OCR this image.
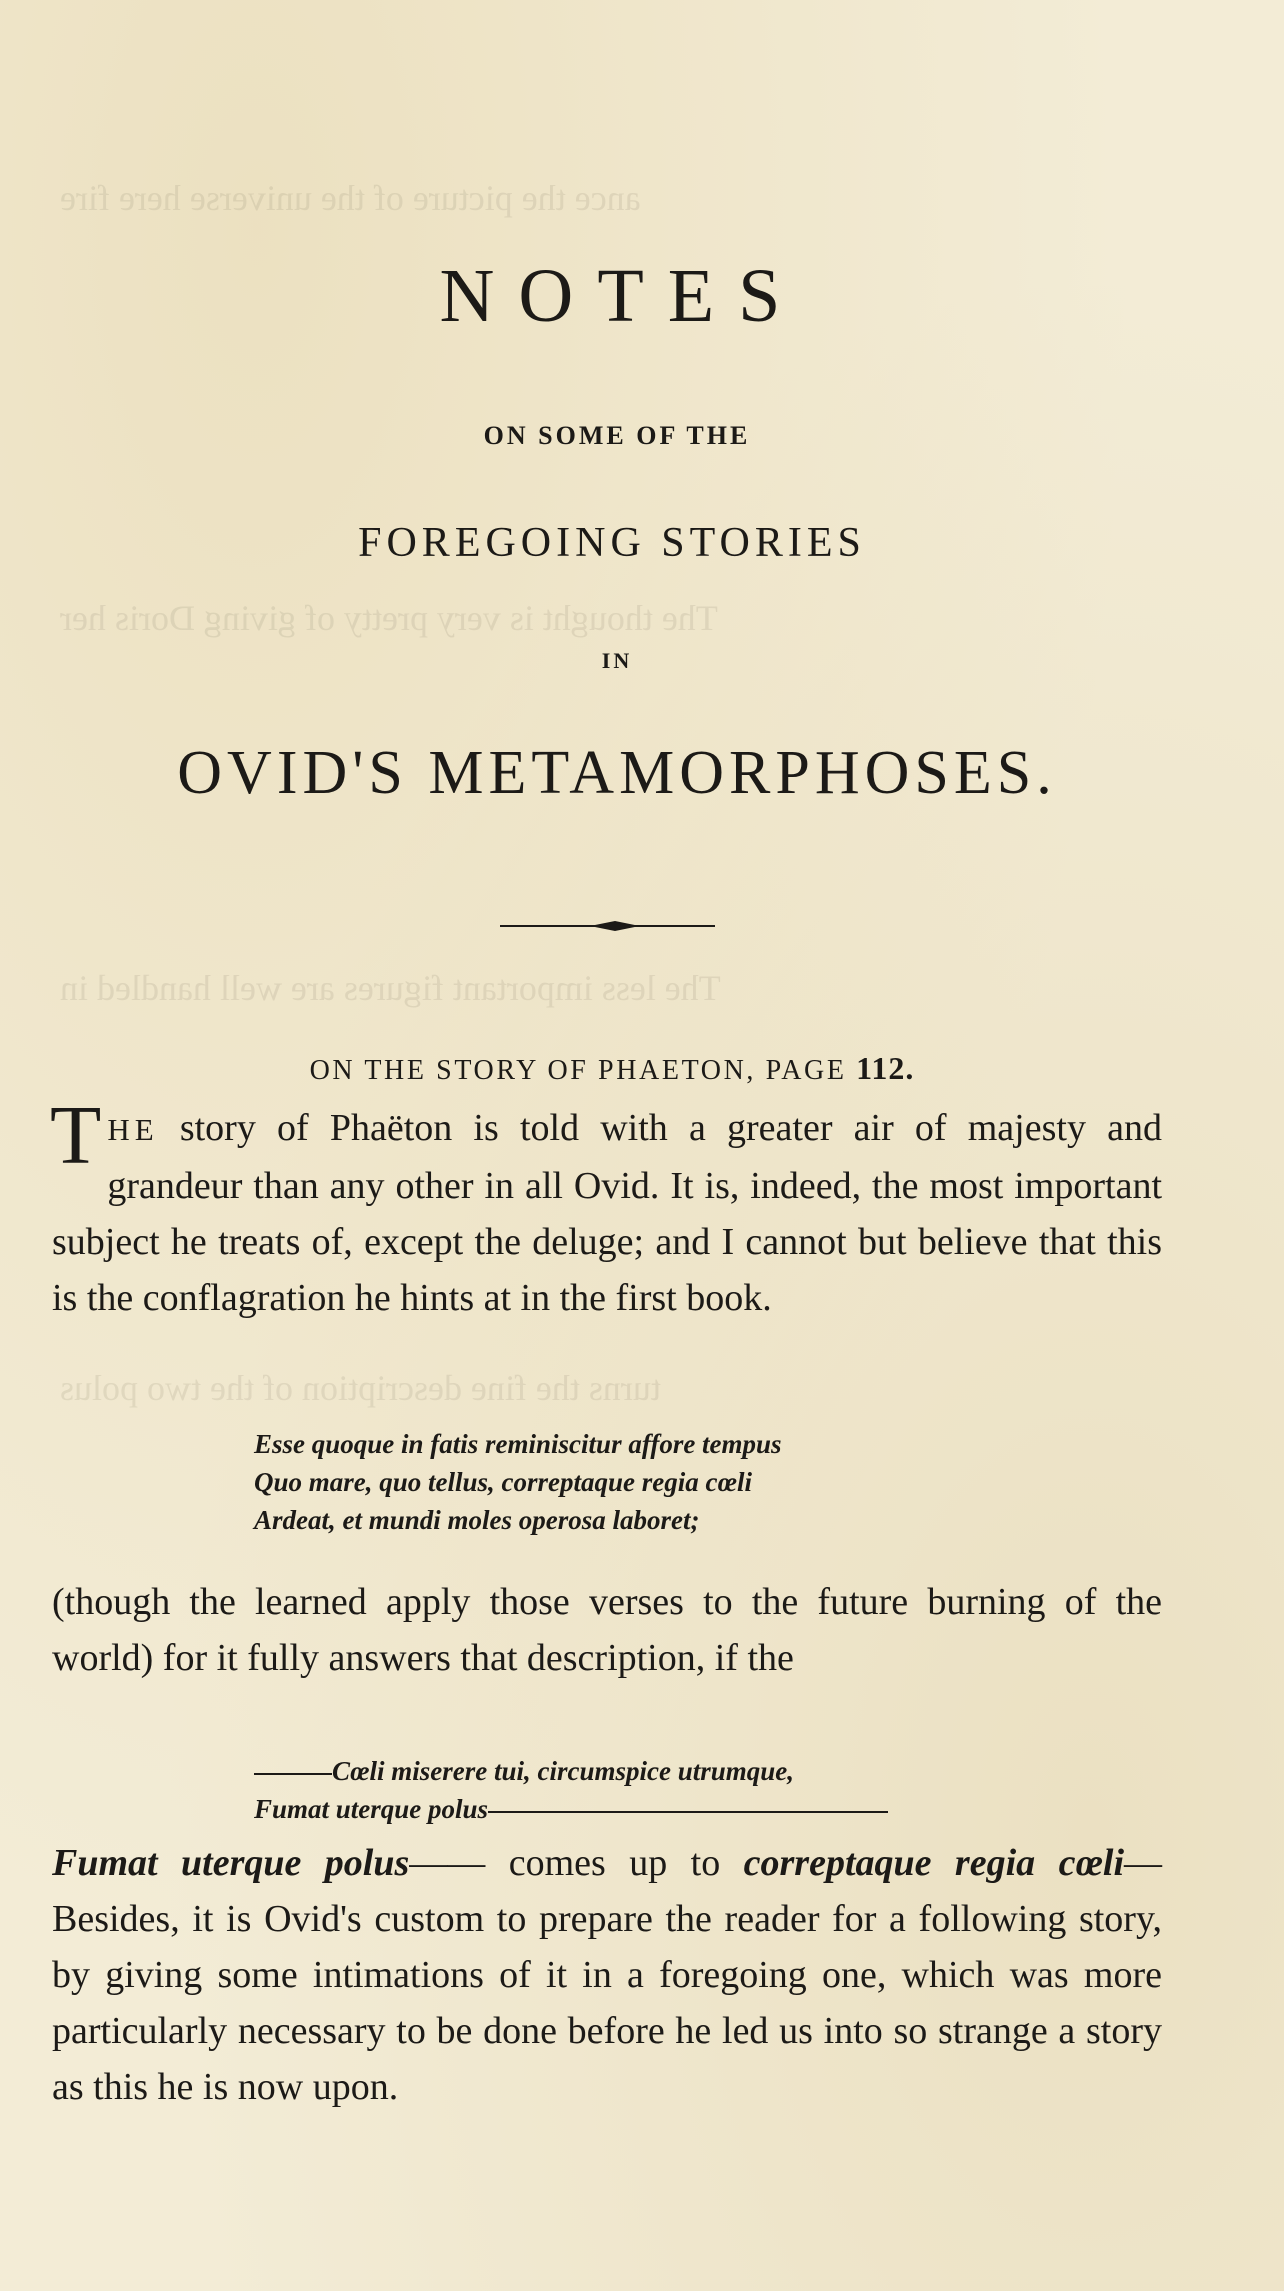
ance the picture of the universe here fire
The thought is very pretty of giving Doris her
The less important figures are well handled in
turns the fine description of the two polus
NOTES
ON SOME OF THE
FOREGOING STORIES
IN
OVID'S METAMORPHOSES.
ON THE STORY OF PHAETON, PAGE 112.
THE story of Phaëton is told with a greater air of majesty and grandeur than any other in all Ovid. It is, indeed, the most important subject he treats of, except the deluge; and I cannot but believe that this is the conflagration he hints at in the first book.
Esse quoque in fatis reminiscitur affore tempus
Quo mare, quo tellus, correptaque regia cœli
Ardeat, et mundi moles operosa laboret;
(though the learned apply those verses to the future burning of the world) for it fully answers that description, if the
Cœli miserere tui, circumspice utrumque,
Fumat uterque polus
Fumat uterque polus—— comes up to correptaque regia cœli—Besides, it is Ovid's custom to prepare the reader for a following story, by giving some intimations of it in a foregoing one, which was more particularly necessary to be done before he led us into so strange a story as this he is now upon.
